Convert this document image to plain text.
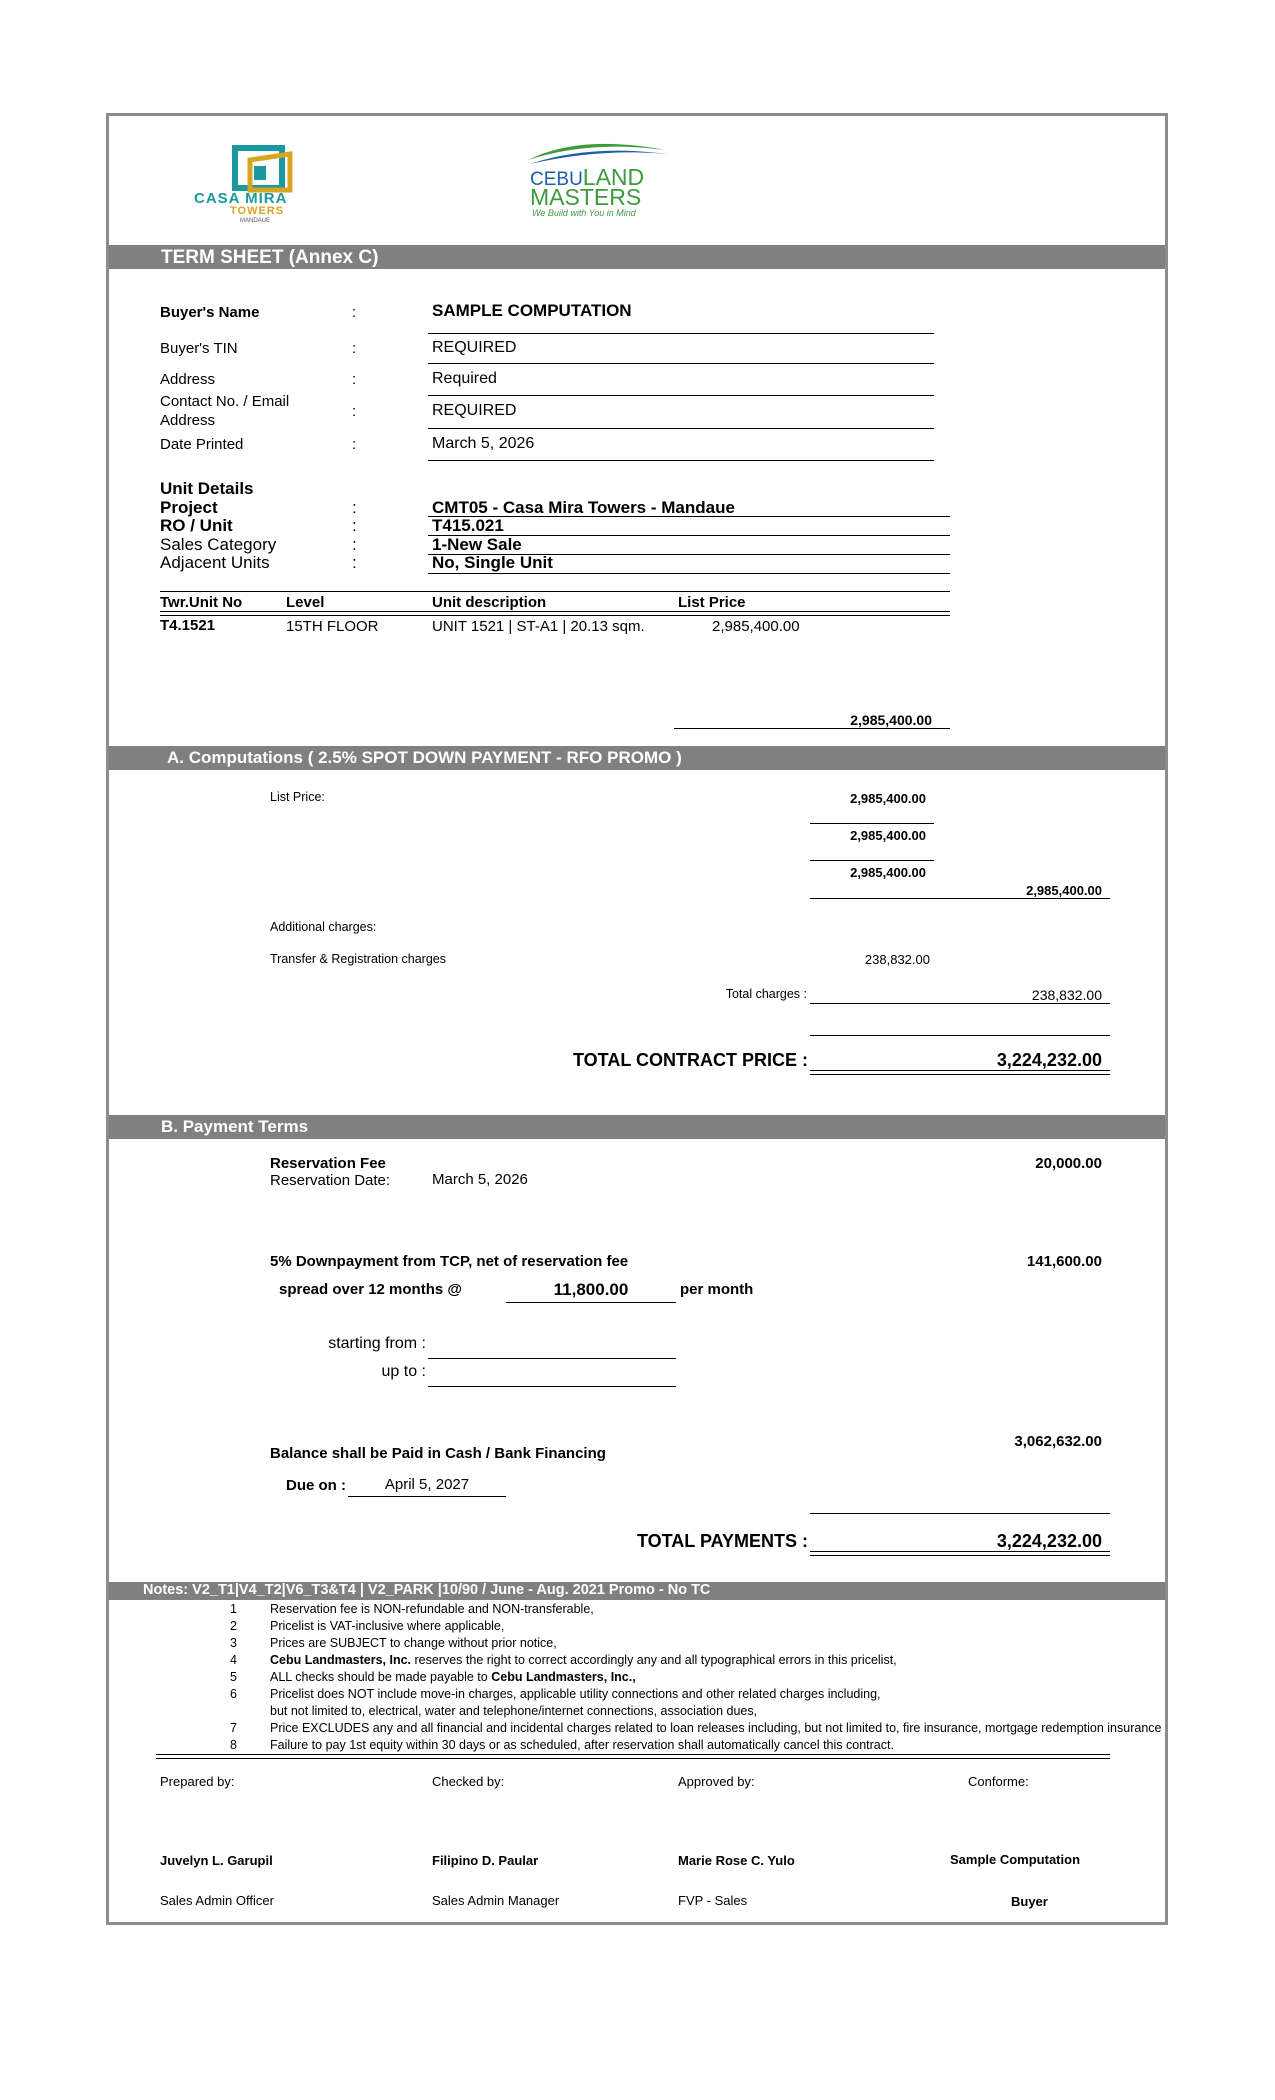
CASA MIRA
TOWERS
MANDAUE
CEBULAND
MASTERS
We Build with You in Mind
TERM SHEET (Annex C)
Buyer's Name	:	SAMPLE COMPUTATION
Buyer's TIN	:	REQUIRED
Address	:	Required
Contact No. / Email
Address
:	REQUIRED
Date Printed	:	March 5, 2026
Unit Details
Project	:	CMT05 - Casa Mira Towers - Mandaue
RO / Unit	:	T415.021
Sales Category	:	1-New Sale
Adjacent Units	:	No, Single Unit
Twr.Unit No	Level	Unit description	List Price
T4.1521	15TH FLOOR	UNIT 1521 | ST-A1 | 20.13 sqm.	2,985,400.00
2,985,400.00
A. Computations ( 2.5% SPOT DOWN PAYMENT - RFO PROMO )
List Price:	2,985,400.00
2,985,400.00
2,985,400.00
2,985,400.00
Additional charges:
Transfer & Registration charges	238,832.00
Total charges :	238,832.00
TOTAL CONTRACT PRICE :	3,224,232.00
B. Payment Terms
Reservation Fee	20,000.00
Reservation Date:	March 5, 2026
5% Downpayment from TCP, net of reservation fee	141,600.00
spread over 12 months @	11,800.00	per month
starting from :
up to :
3,062,632.00
Balance shall be Paid in Cash / Bank Financing
Due on :	April 5, 2027
TOTAL PAYMENTS :	3,224,232.00
Notes: V2_T1|V4_T2|V6_T3&T4 | V2_PARK |10/90 / June - Aug. 2021 Promo - No TC
1	Reservation fee is NON-refundable and NON-transferable,
2	Pricelist is VAT-inclusive where applicable,
3	Prices are SUBJECT to change without prior notice,
4	Cebu Landmasters, Inc. reserves the right to correct accordingly any and all typographical errors in this pricelist,
5	ALL checks should be made payable to Cebu Landmasters, Inc.,
6	Pricelist does NOT include move-in charges, applicable utility connections and other related charges including,
but not limited to, electrical, water and telephone/internet connections, association dues,
7	Price EXCLUDES any and all financial and incidental charges related to loan releases including, but not limited to, fire insurance, mortgage redemption insurance
8	Failure to pay 1st equity within 30 days or as scheduled, after reservation shall automatically cancel this contract.
Prepared by:	Checked by:	Approved by:	Conforme:
Juvelyn L. Garupil	Filipino D. Paular	Marie Rose C. Yulo	Sample Computation
Sales Admin Officer	Sales Admin Manager	FVP - Sales	Buyer
